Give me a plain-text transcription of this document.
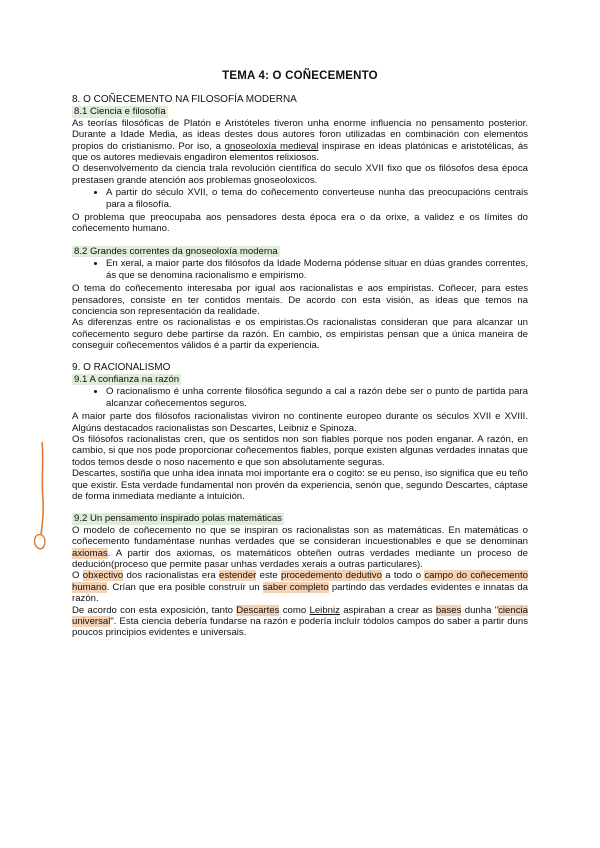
TEMA 4: O COÑECEMENTO
8. O COÑECEMENTO NA FILOSOFÍA MODERNA
8.1 Ciencia e filosofía

As teorías filosóficas de Platón e Aristóteles tiveron unha enorme influencia no pensamento posterior. Durante a Idade Media, as ideas destes dous autores foron utilizadas en combinación con elementos propios do cristianismo. Por iso, a gnoseoloxía medieval inspirase en ideas platónicas e aristotélicas, ás que os autores medievais engadiron elementos relixiosos.

O desenvolvemento da ciencia trala revolución científica do seculo XVII fixo que os filósofos desa época prestasen grande atención aos problemas gnoseoloxicos.

• A partir do século XVII, o tema do coñecemento converteuse nunha das preocupacións centrais para a filosofía.

O problema que preocupaba aos pensadores desta época era o da orixe, a validez e os límites do coñecemento humano.

8.2 Grandes correntes da gnoseoloxía moderna
• En xeral, a maior parte dos filósofos da Idade Moderna pódense situar en dúas grandes correntes, ás que se denomina racionalismo e empirismo.

O tema do coñecemento interesaba por igual aos racionalistas e aos empiristas. Coñecer, para estes pensadores, consiste en ter contidos mentais. De acordo con esta visión, as ideas que temos na conciencia son representación da realidade.

As diferenzas entre os racionalistas e os empiristas.Os racionalistas consideran que para alcanzar un coñecemento seguro debe partirse da razón. En cambio, os empiristas pensan que a única maneira de conseguir coñecementos válidos é a partir da experiencia.

9. O RACIONALISMO
9.1 A confianza na razón
• O racionalismo é unha corrente filosófica segundo a cal a razón debe ser o punto de partida para alcanzar coñecementos seguros.

A maior parte dos filósofos racionalistas viviron no continente europeo durante os séculos XVII e XVIII. Algúns destacados racionalistas son Descartes, Leibniz e Spinoza.

Os filósofos racionalistas cren, que os sentidos non son fiables porque nos poden enganar. A razón, en cambio, si que nos pode proporcionar coñecementos fiables, porque existen algunas verdades innatas que todos temos desde o noso nacemento e que son absolutamente seguras.

Descartes, sostiña que unha idea innata moi importante era o cogito: se eu penso, iso significa que eu teño que existir. Esta verdade fundamental non provén da experiencia, senón que, segundo Descartes, cáptase de forma inmediata mediante a intuición.

9.2 Un pensamento inspirado polas matemáticas

O modelo de coñecemento no que se inspiran os racionalistas son as matemáticas. En matemáticas o coñecemento fundaméntase nunhas verdades que se consideran incuestionables e que se denominan axiomas. A partir dos axiomas, os matemáticos obteñen outras verdades mediante un proceso de dedución(proceso que permite pasar unhas verdades xerais a outras particulares).

O obxectivo dos racionalistas era estender este procedemento dedutivo a todo o campo do coñecemento humano. Crían que era posible construír un saber completo partindo das verdades evidentes e innatas da razón.

De acordo con esta exposición, tanto Descartes como Leibniz aspiraban a crear as bases dunha "ciencia universal". Esta ciencia debería fundarse na razón e podería incluír tódolos campos do saber a partir duns poucos principios evidentes e universais.
